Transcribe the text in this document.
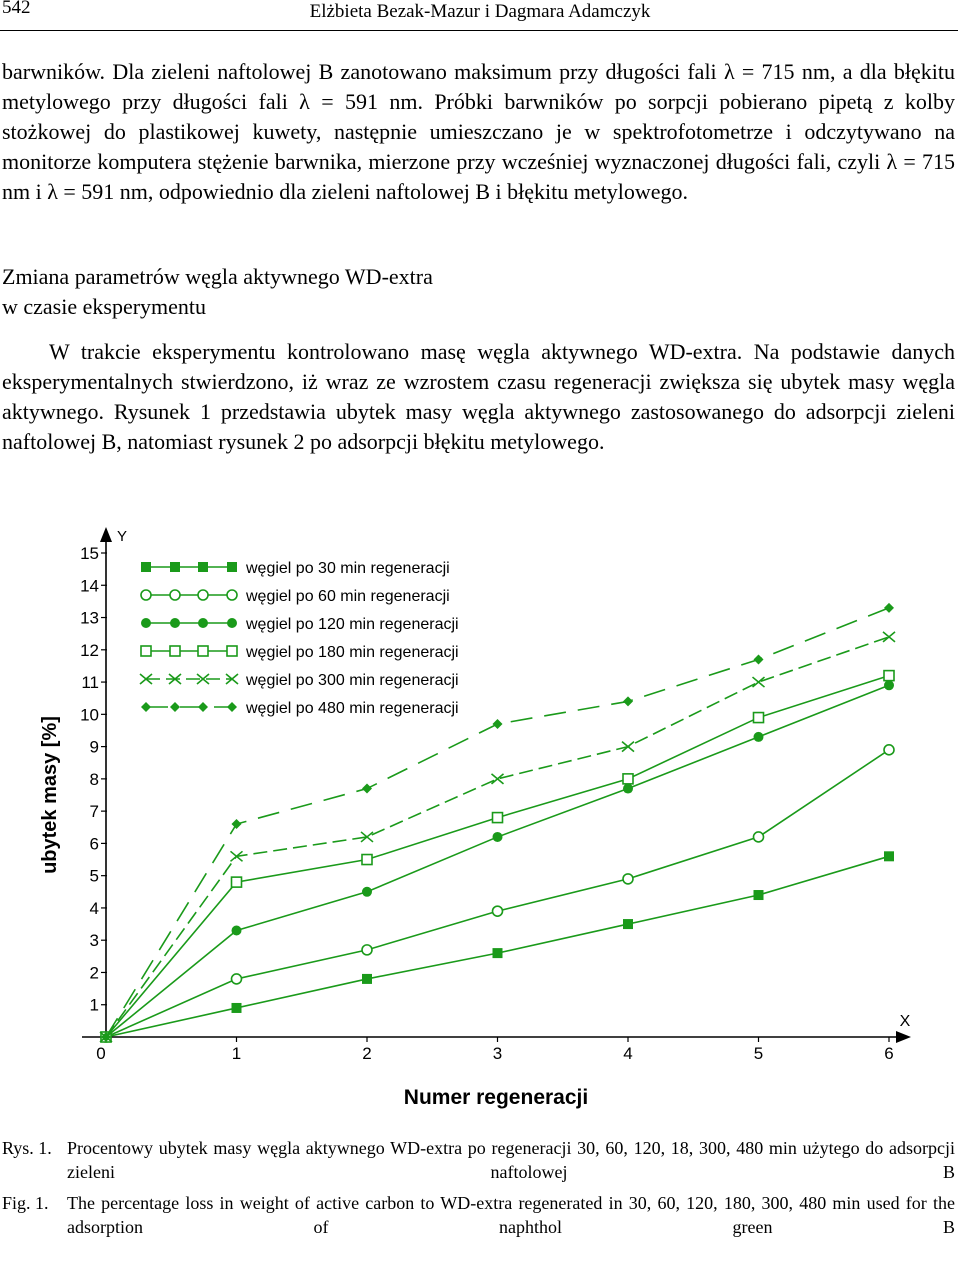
542	Elżbieta Bezak-Mazur i Dagmara Adamczyk

barwników. Dla zieleni naftolowej B zanotowano maksimum przy długości fali λ = 715 nm, a dla błękitu metylowego przy długości fali λ = 591 nm. Próbki barwników po sorpcji pobierano pipetą z kolby stożkowej do plastikowej kuwety, następnie umieszczano je w spektrofotometrze i odczytywano na monitorze komputera stężenie barwnika, mierzone przy wcześniej wyznaczonej długości fali, czyli λ = 715 nm i λ = 591 nm, odpowiednio dla zieleni naftolowej B i błękitu metylowego.

Zmiana parametrów węgla aktywnego WD-extra
w czasie eksperymentu

W trakcie eksperymentu kontrolowano masę węgla aktywnego WD-extra. Na podstawie danych eksperymentalnych stwierdzono, iż wraz ze wzrostem czasu regeneracji zwiększa się ubytek masy węgla aktywnego. Rysunek 1 przedstawia ubytek masy węgla aktywnego zastosowanego do adsorpcji zieleni naftolowej B, natomiast rysunek 2 po adsorpcji błękitu metylowego.

Y
X
1
2
3
4
5
6
7
8
9
10
11
12
13
14
15
0	1	2	3	4	5	6
Numer regeneracji
ubytek masy [%]
węgiel po 30 min regeneracji
węgiel po 60 min regeneracji
węgiel po 120 min regeneracji
węgiel po 180 min regeneracji
węgiel po 300 min regeneracji
węgiel po 480 min regeneracji
Rys. 1. Procentowy ubytek masy węgla aktywnego WD-extra po regeneracji 30, 60, 120, 18, 300, 480 min użytego do adsorpcji zieleni naftolowej B
Fig. 1. The percentage loss in weight of active carbon to WD-extra regenerated in 30, 60, 120, 180, 300, 480 min used for the adsorption of naphthol green B
